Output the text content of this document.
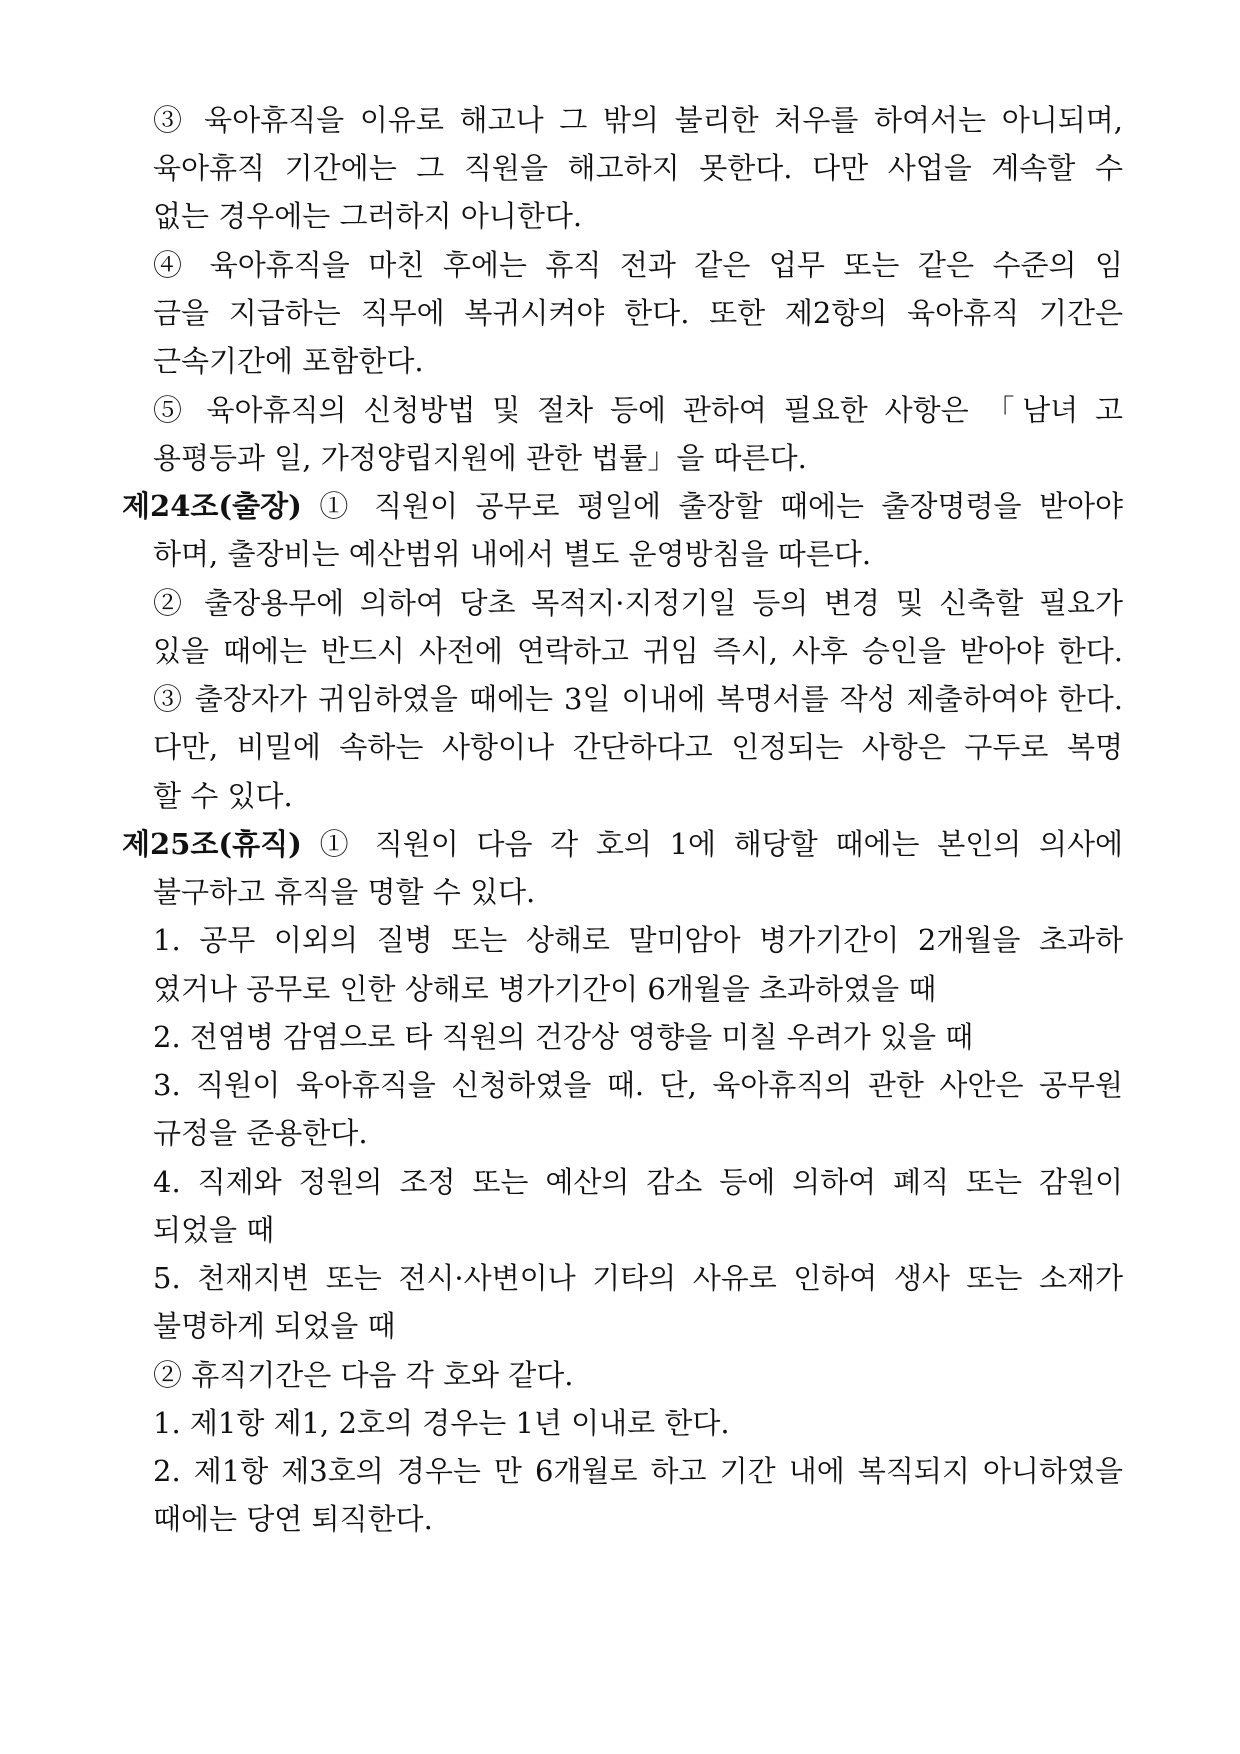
③ 육아휴직을 이유로 해고나 그 밖의 불리한 처우를 하여서는 아니되며,
육아휴직 기간에는 그 직원을 해고하지 못한다. 다만 사업을 계속할 수
없는 경우에는 그러하지 아니한다.
④ 육아휴직을 마친 후에는 휴직 전과 같은 업무 또는 같은 수준의 임
금을 지급하는 직무에 복귀시켜야 한다. 또한 제2항의 육아휴직 기간은
근속기간에 포함한다.
⑤ 육아휴직의 신청방법 및 절차 등에 관하여 필요한 사항은 「남녀 고
용평등과 일, 가정양립지원에 관한 법률」을 따른다.
제24조(출장) ① 직원이 공무로 평일에 출장할 때에는 출장명령을 받아야
하며, 출장비는 예산범위 내에서 별도 운영방침을 따른다.
② 출장용무에 의하여 당초 목적지·지정기일 등의 변경 및 신축할 필요가
있을 때에는 반드시 사전에 연락하고 귀임 즉시, 사후 승인을 받아야 한다.
③ 출장자가 귀임하였을 때에는 3일 이내에 복명서를 작성 제출하여야 한다.
다만, 비밀에 속하는 사항이나 간단하다고 인정되는 사항은 구두로 복명
할 수 있다.
제25조(휴직) ① 직원이 다음 각 호의 1에 해당할 때에는 본인의 의사에
불구하고 휴직을 명할 수 있다.
1. 공무 이외의 질병 또는 상해로 말미암아 병가기간이 2개월을 초과하
였거나 공무로 인한 상해로 병가기간이 6개월을 초과하였을 때
2. 전염병 감염으로 타 직원의 건강상 영향을 미칠 우려가 있을 때
3. 직원이 육아휴직을 신청하였을 때. 단, 육아휴직의 관한 사안은 공무원
규정을 준용한다.
4. 직제와 정원의 조정 또는 예산의 감소 등에 의하여 폐직 또는 감원이
되었을 때
5. 천재지변 또는 전시·사변이나 기타의 사유로 인하여 생사 또는 소재가
불명하게 되었을 때
② 휴직기간은 다음 각 호와 같다.
1. 제1항 제1, 2호의 경우는 1년 이내로 한다.
2. 제1항 제3호의 경우는 만 6개월로 하고 기간 내에 복직되지 아니하였을
때에는 당연 퇴직한다.
